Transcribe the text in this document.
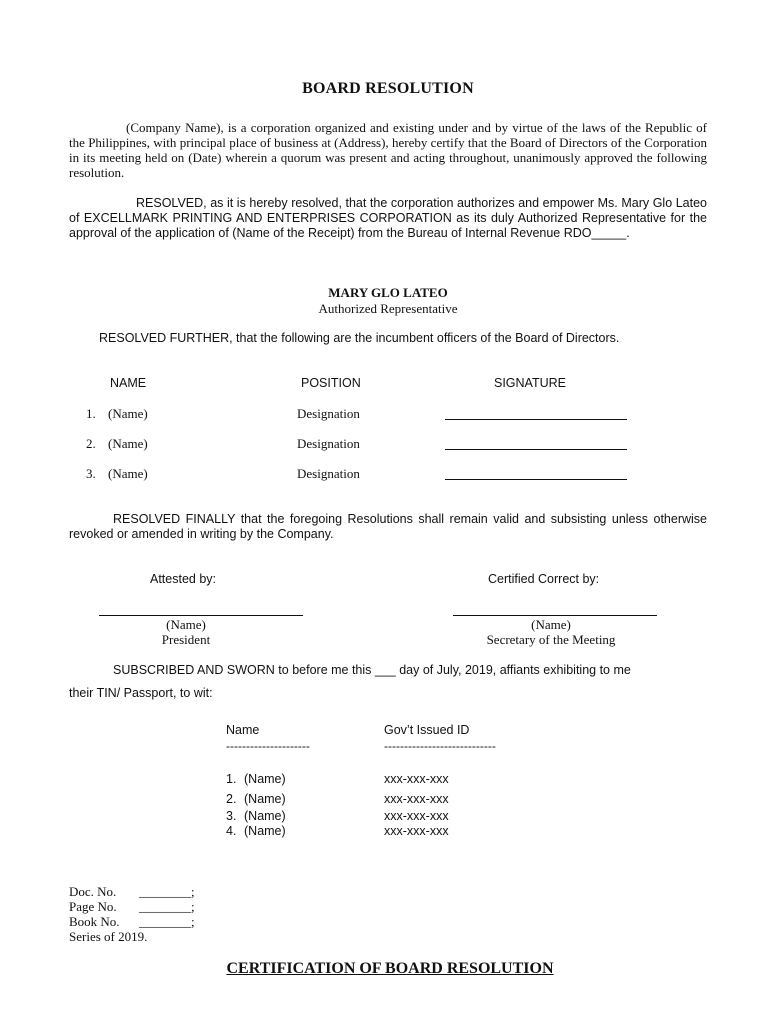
BOARD RESOLUTION
(Company Name), is a corporation organized and existing under and by virtue of the laws of the Republic of the Philippines, with principal place of business at (Address), hereby certify that the Board of Directors of the Corporation in its meeting held on (Date) wherein a quorum was present and acting throughout, unanimously approved the following resolution.
RESOLVED, as it is hereby resolved, that the corporation authorizes and empower Ms. Mary Glo Lateo of EXCELLMARK PRINTING AND ENTERPRISES CORPORATION as its duly Authorized Representative for the approval of the application of (Name of the Receipt) from the Bureau of Internal Revenue RDO_____.
MARY GLO LATEO
Authorized Representative
RESOLVED FURTHER, that the following are the incumbent officers of the Board of Directors.
NAME	POSITION	SIGNATURE
1. (Name)	Designation
2. (Name)	Designation
3. (Name)	Designation
RESOLVED FINALLY that the foregoing Resolutions shall remain valid and subsisting unless otherwise revoked or amended in writing by the Company.
Attested by:	Certified Correct by:
(Name)
President
(Name)
Secretary of the Meeting
SUBSCRIBED AND SWORN to before me this ___ day of July, 2019, affiants exhibiting to me
their TIN/ Passport, to wit:
Name	Gov’t Issued ID
---------------------	----------------------------
1. (Name)	xxx-xxx-xxx
2. (Name)	xxx-xxx-xxx
3. (Name)	xxx-xxx-xxx
4. (Name)	xxx-xxx-xxx
Doc. No. ________;
Page No. ________;
Book No. ________;
Series of 2019.
CERTIFICATION OF BOARD RESOLUTION
